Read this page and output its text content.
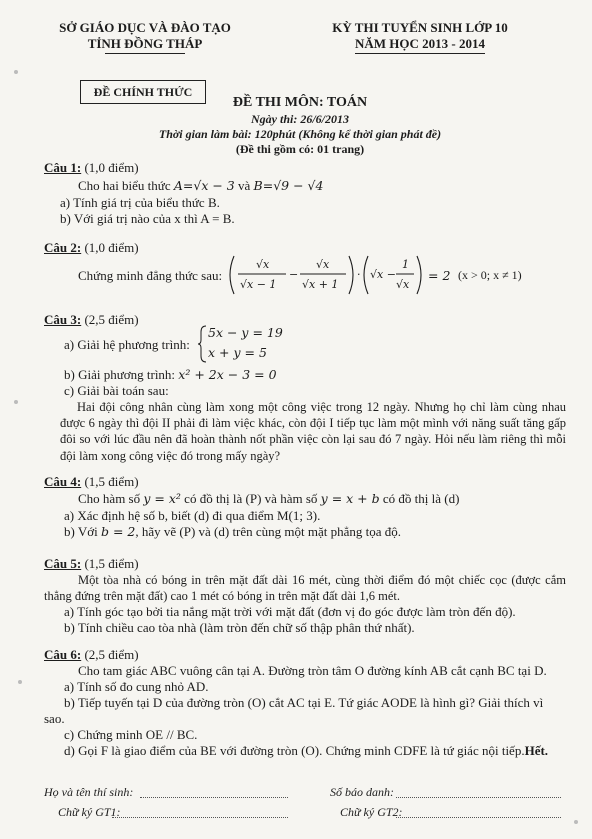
SỞ GIÁO DỤC VÀ ĐÀO TẠO
TỈNH ĐỒNG THÁP
KỲ THI TUYỂN SINH LỚP 10
NĂM HỌC 2013 - 2014
ĐỀ CHÍNH THỨC
ĐỀ THI MÔN: TOÁN
Ngày thi: 26/6/2013
Thời gian làm bài: 120phút (Không kể thời gian phát đề)
(Đề thi gồm có: 01 trang)
Câu 1: (1,0 điểm)
Cho hai biểu thức A=√x − 3 và B=√9 − √4
a) Tính giá trị của biểu thức B.
b) Với giá trị nào của x thì A = B.
Câu 2: (1,0 điểm)
Chứng minh đẳng thức sau:
√x
√x − 1
−
√x
√x + 1
· √x −
1
√x
= 2 (x > 0; x ≠ 1)
Câu 3: (2,5 điểm)
a) Giải hệ phương trình:
5x − y = 19
x + y = 5
b) Giải phương trình: x² + 2x − 3 = 0
c) Giải bài toán sau:
Hai đội công nhân cùng làm xong một công việc trong 12 ngày. Nhưng họ chỉ làm cùng nhau được 6 ngày thì đội II phải đi làm việc khác, còn đội I tiếp tục làm một mình với năng suất tăng gấp đôi so với lúc đầu nên đã hoàn thành nốt phần việc còn lại sau đó 7 ngày. Hỏi nếu làm riêng thì mỗi đội làm xong công việc đó trong mấy ngày?
Câu 4: (1,5 điểm)
Cho hàm số y = x² có đồ thị là (P) và hàm số y = x + b có đồ thị là (d)
a) Xác định hệ số b, biết (d) đi qua điểm M(1; 3).
b) Với b = 2, hãy vẽ (P) và (d) trên cùng một mặt phẳng tọa độ.
Câu 5: (1,5 điểm)
Một tòa nhà có bóng in trên mặt đất dài 16 mét, cùng thời điểm đó một chiếc cọc (được cắm thẳng đứng trên mặt đất) cao 1 mét có bóng in trên mặt đất dài 1,6 mét.
a) Tính góc tạo bởi tia nắng mặt trời với mặt đất (đơn vị đo góc được làm tròn đến độ).
b) Tính chiều cao tòa nhà (làm tròn đến chữ số thập phân thứ nhất).
Câu 6: (2,5 điểm)
Cho tam giác ABC vuông cân tại A. Đường tròn tâm O đường kính AB cắt cạnh BC tại D.
a) Tính số đo cung nhỏ AD.
b) Tiếp tuyến tại D của đường tròn (O) cắt AC tại E. Tứ giác AODE là hình gì? Giải thích vì
sao.
c) Chứng minh OE // BC.
d) Gọi F là giao điểm của BE với đường tròn (O). Chứng minh CDFE là tứ giác nội tiếp.Hết.
Họ và tên thí sinh:	Số báo danh:
Chữ ký GT1:	Chữ ký GT2:
